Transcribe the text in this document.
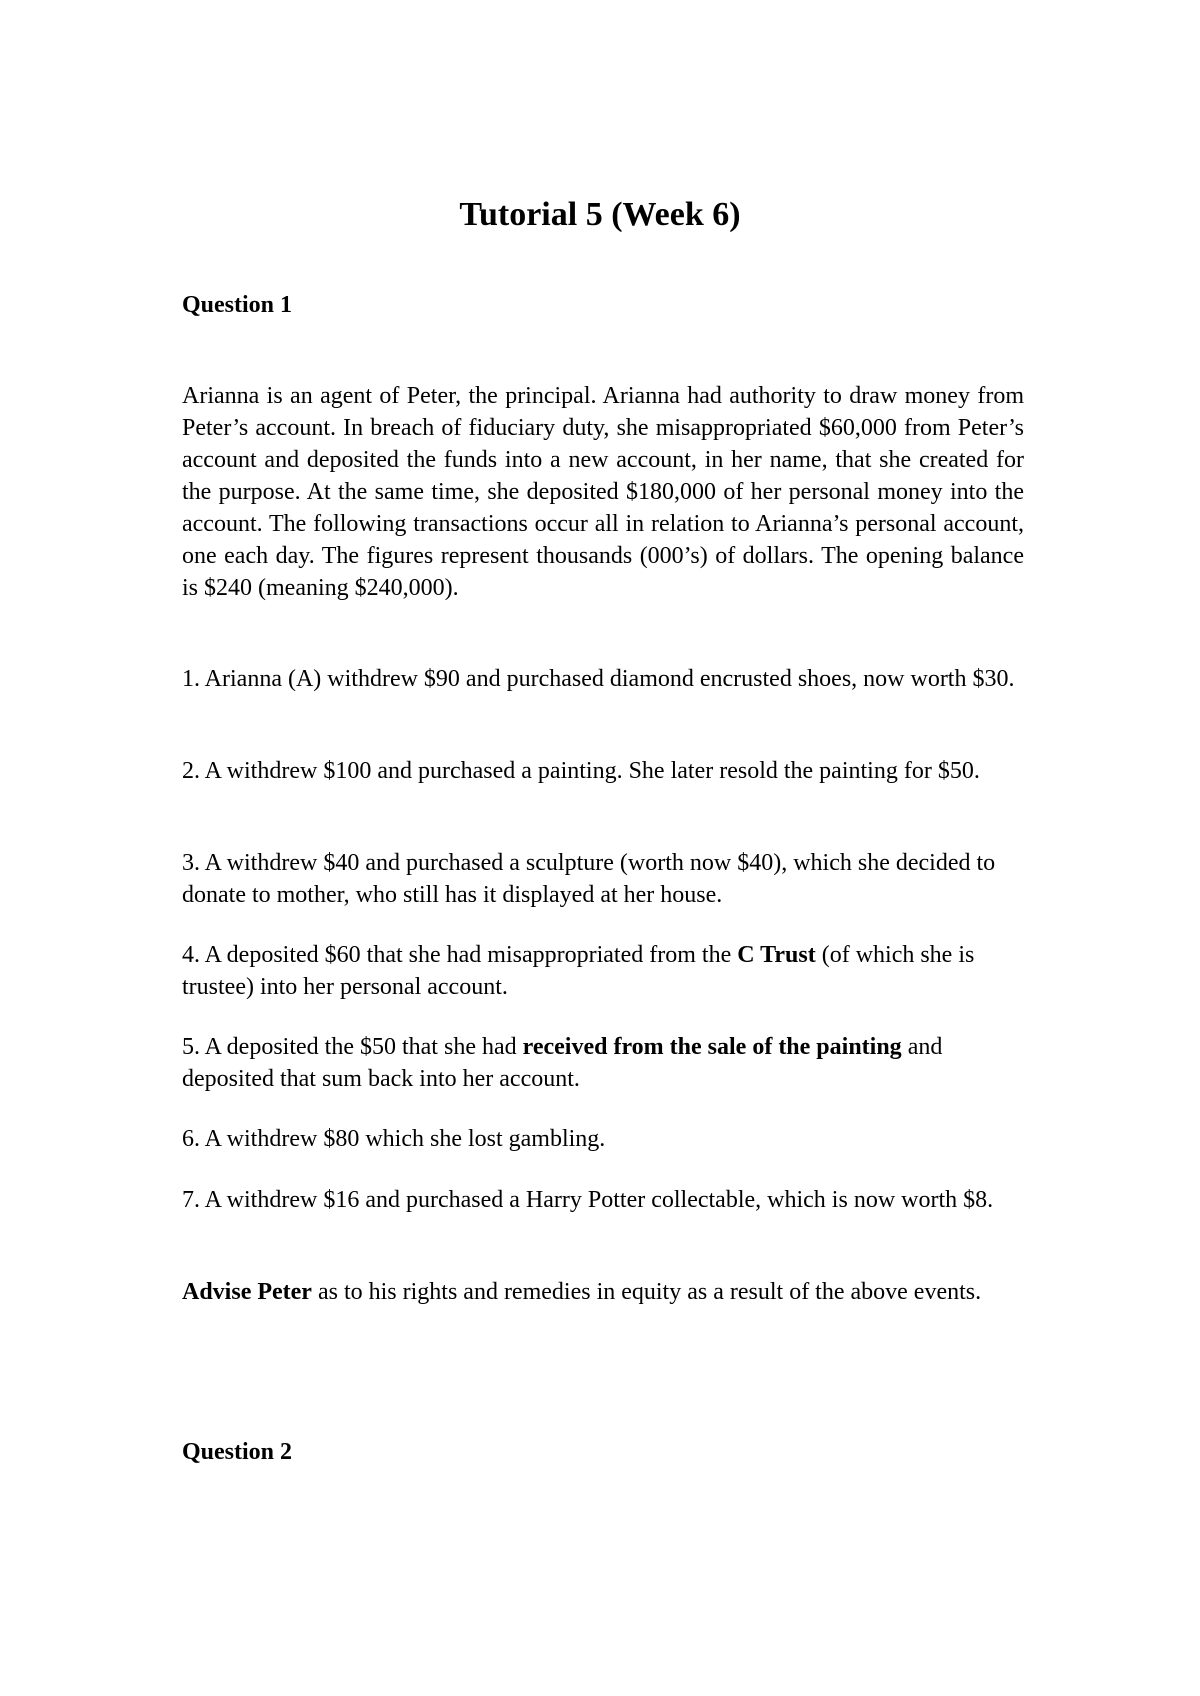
Tutorial 5 (Week 6)
Question 1

Arianna is an agent of Peter, the principal. Arianna had authority to draw money from Peter’s account. In breach of fiduciary duty, she misappropriated $60,000 from Peter’s account and deposited the funds into a new account, in her name, that she created for the purpose. At the same time, she deposited $180,000 of her personal money into the account. The following transactions occur all in relation to Arianna’s personal account, one each day. The figures represent thousands (000’s) of dollars. The opening balance is $240 (meaning $240,000).

1. Arianna (A) withdrew $90 and purchased diamond encrusted shoes, now worth $30.

2. A withdrew $100 and purchased a painting. She later resold the painting for $50.

3. A withdrew $40 and purchased a sculpture (worth now $40), which she decided to donate to mother, who still has it displayed at her house.

4. A deposited $60 that she had misappropriated from the C Trust (of which she is trustee) into her personal account.

5. A deposited the $50 that she had received from the sale of the painting and deposited that sum back into her account.

6. A withdrew $80 which she lost gambling.

7. A withdrew $16 and purchased a Harry Potter collectable, which is now worth $8.

Advise Peter as to his rights and remedies in equity as a result of the above events.

Question 2
